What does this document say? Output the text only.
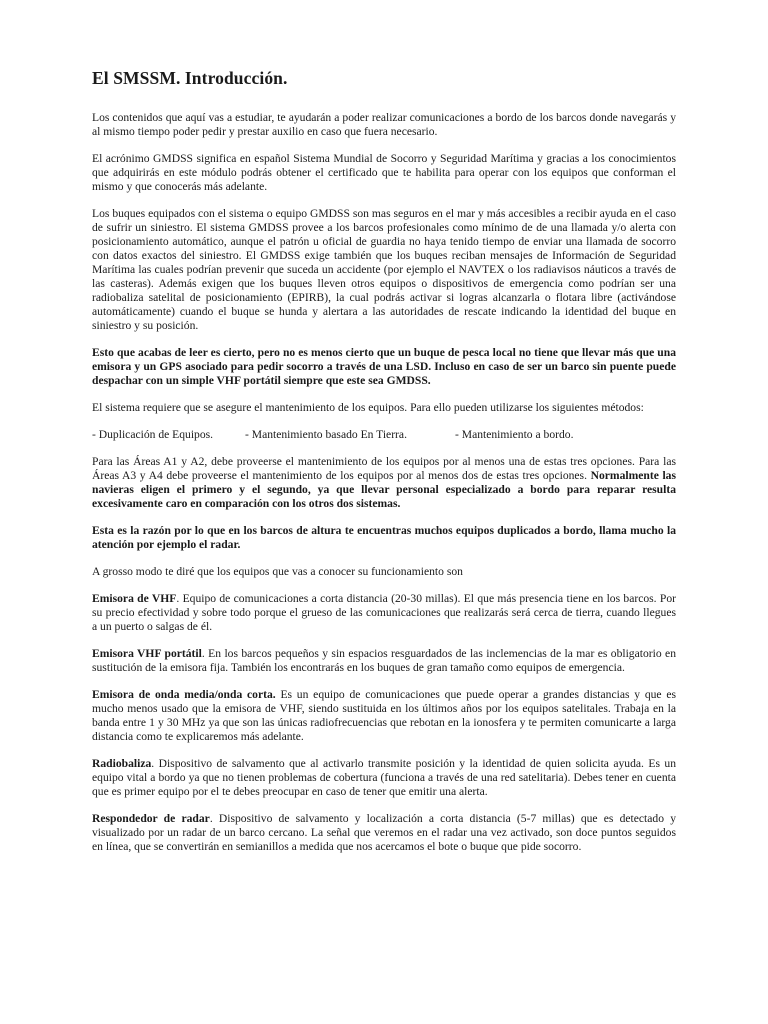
El SMSSM. Introducción.

Los contenidos que aquí vas a estudiar, te ayudarán a poder realizar comunicaciones a bordo de los barcos donde navegarás y al mismo tiempo poder pedir y prestar auxilio en caso que fuera necesario.

El acrónimo GMDSS significa en español Sistema Mundial de Socorro y Seguridad Marítima y gracias a los conocimientos que adquirirás en este módulo podrás obtener el certificado que te habilita para operar con los equipos que conforman el mismo y que conocerás más adelante.

Los buques equipados con el sistema o equipo GMDSS son mas seguros en el mar y más accesibles a recibir ayuda en el caso de sufrir un siniestro. El sistema GMDSS provee a los barcos profesionales como mínimo de de una llamada y/o alerta con posicionamiento automático, aunque el patrón u oficial de guardia no haya tenido tiempo de enviar una llamada de socorro con datos exactos del siniestro. El GMDSS exige también que los buques reciban mensajes de Información de Seguridad Marítima las cuales podrían prevenir que suceda un accidente (por ejemplo el NAVTEX o los radiavisos náuticos a través de las casteras). Además exigen que los buques lleven otros equipos o dispositivos de emergencia como podrían ser una radiobaliza satelital de posicionamiento (EPIRB), la cual podrás activar si logras alcanzarla o flotara libre (activándose automáticamente) cuando el buque se hunda y alertara a las autoridades de rescate indicando la identidad del buque en siniestro y su posición.

Esto que acabas de leer es cierto, pero no es menos cierto que un buque de pesca local no tiene que llevar más que una emisora y un GPS asociado para pedir socorro a través de una LSD. Incluso en caso de ser un barco sin puente puede despachar con un simple VHF portátil siempre que este sea GMDSS.

El sistema requiere que se asegure el mantenimiento de los equipos. Para ello pueden utilizarse los siguientes métodos:

- Duplicación de Equipos.	- Mantenimiento basado En Tierra.	- Mantenimiento a bordo.

Para las Áreas A1 y A2, debe proveerse el mantenimiento de los equipos por al menos una de estas tres opciones. Para las Áreas A3 y A4 debe proveerse el mantenimiento de los equipos por al menos dos de estas tres opciones. Normalmente las navieras eligen el primero y el segundo, ya que llevar personal especializado a bordo para reparar resulta excesivamente caro en comparación con los otros dos sistemas.

Esta es la razón por lo que en los barcos de altura te encuentras muchos equipos duplicados a bordo, llama mucho la atención por ejemplo el radar.

A grosso modo te diré que los equipos que vas a conocer su funcionamiento son

Emisora de VHF. Equipo de comunicaciones a corta distancia (20-30 millas). El que más presencia tiene en los barcos. Por su precio efectividad y sobre todo porque el grueso de las comunicaciones que realizarás será cerca de tierra, cuando llegues a un puerto o salgas de él.

Emisora VHF portátil. En los barcos pequeños y sin espacios resguardados de las inclemencias de la mar es obligatorio en sustitución de la emisora fija. También los encontrarás en los buques de gran tamaño como equipos de emergencia.

Emisora de onda media/onda corta. Es un equipo de comunicaciones que puede operar a grandes distancias y que es mucho menos usado que la emisora de VHF, siendo sustituida en los últimos años por los equipos satelitales. Trabaja en la banda entre 1 y 30 MHz ya que son las únicas radiofrecuencias que rebotan en la ionosfera y te permiten comunicarte a larga distancia como te explicaremos más adelante.

Radiobaliza. Dispositivo de salvamento que al activarlo transmite posición y la identidad de quien solicita ayuda. Es un equipo vital a bordo ya que no tienen problemas de cobertura (funciona a través de una red satelitaria). Debes tener en cuenta que es primer equipo por el te debes preocupar en caso de tener que emitir una alerta.

Respondedor de radar. Dispositivo de salvamento y localización a corta distancia (5-7 millas) que es detectado y visualizado por un radar de un barco cercano. La señal que veremos en el radar una vez activado, son doce puntos seguidos en línea, que se convertirán en semianillos a medida que nos acercamos el bote o buque que pide socorro.
